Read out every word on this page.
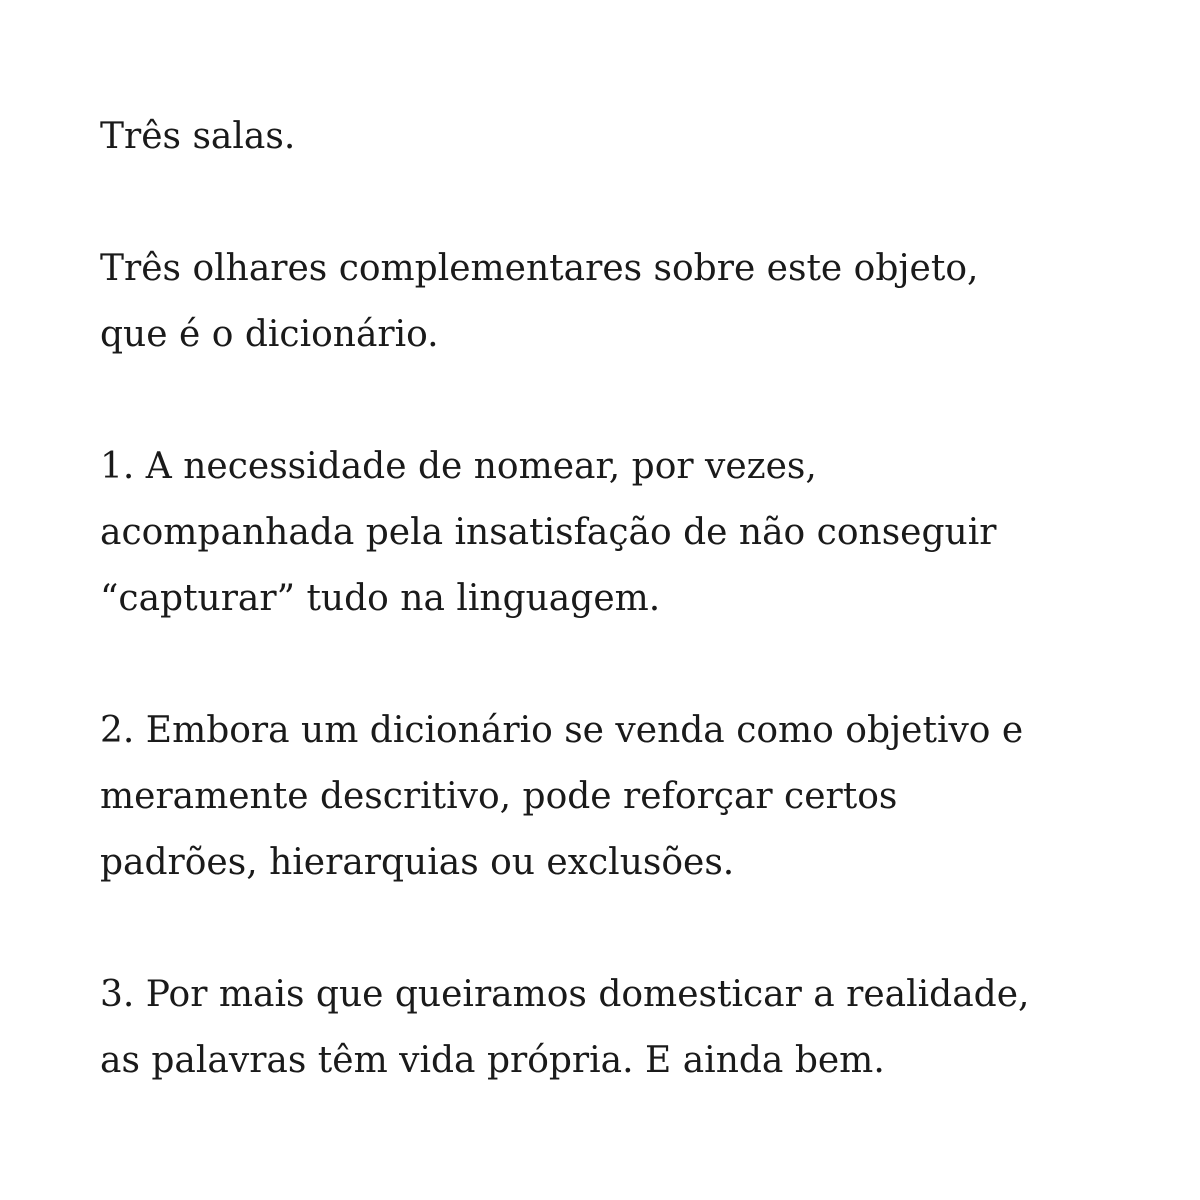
Três salas.

Três olhares complementares sobre este objeto,
que é o dicionário.

1. A necessidade de nomear, por vezes,
acompanhada pela insatisfação de não conseguir
“capturar” tudo na linguagem.

2. Embora um dicionário se venda como objetivo e
meramente descritivo, pode reforçar certos
padrões, hierarquias ou exclusões.

3. Por mais que queiramos domesticar a realidade,
as palavras têm vida própria. E ainda bem.
